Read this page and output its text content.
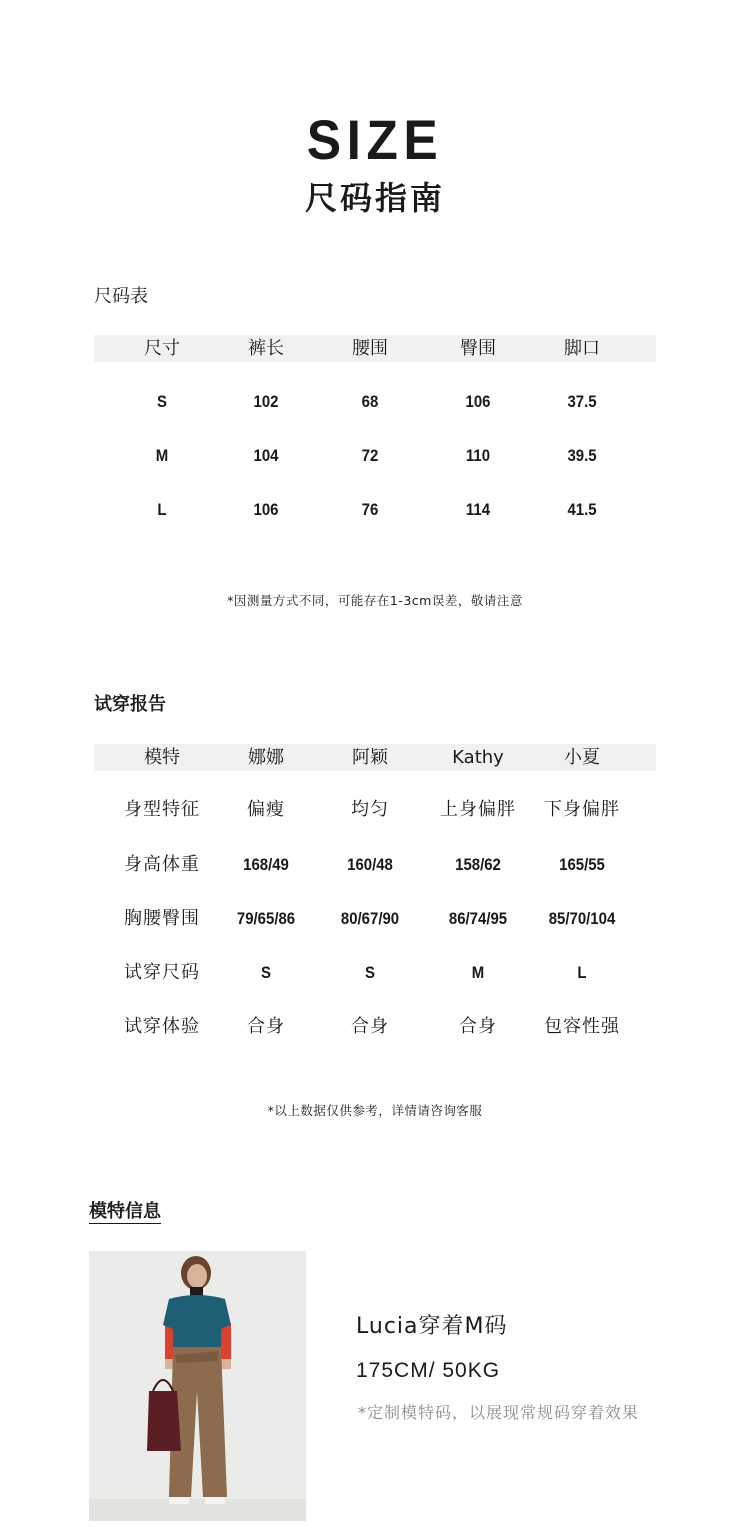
SIZE
尺码指南
尺码表
尺寸	裤长	腰围	臀围	脚口
S	102	68	106	37.5
M	104	72	110	39.5
L	106	76	114	41.5
*因测量方式不同，可能存在1-3cm误差，敬请注意
试穿报告
模特	娜娜	阿颖	Kathy	小夏
身型特征	偏瘦	均匀	上身偏胖	下身偏胖
身高体重	168/49	160/48	158/62	165/55
胸腰臀围	79/65/86	80/67/90	86/74/95	85/70/104
试穿尺码	S	S	M	L
试穿体验	合身	合身	合身	包容性强
*以上数据仅供参考，详情请咨询客服
模特信息
Lucia穿着M码
175CM/ 50KG
*定制模特码，以展现常规码穿着效果
